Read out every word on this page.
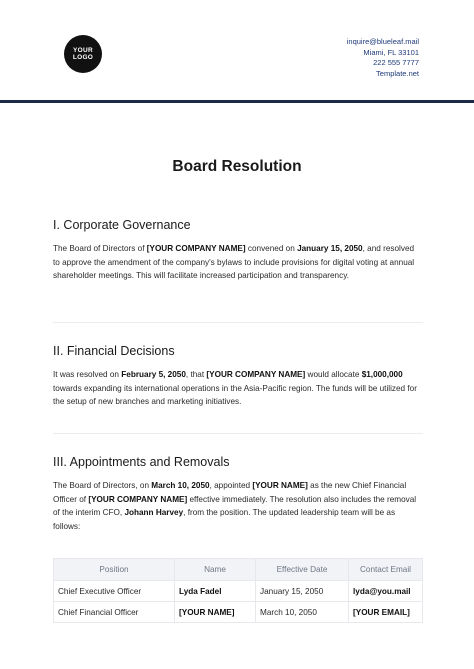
YOUR
LOGO
inquire@blueleaf.mail
Miami, FL 33101
222 555 7777
Template.net
Board Resolution
I. Corporate Governance

The Board of Directors of [YOUR COMPANY NAME] convened on January 15, 2050, and resolved to approve the amendment of the company's bylaws to include provisions for digital voting at annual shareholder meetings. This will facilitate increased participation and transparency.

II. Financial Decisions

It was resolved on February 5, 2050, that [YOUR COMPANY NAME] would allocate $1,000,000 towards expanding its international operations in the Asia-Pacific region. The funds will be utilized for the setup of new branches and marketing initiatives.

III. Appointments and Removals

The Board of Directors, on March 10, 2050, appointed [YOUR NAME] as the new Chief Financial Officer of [YOUR COMPANY NAME] effective immediately. The resolution also includes the removal of the interim CFO, Johann Harvey, from the position. The updated leadership team will be as follows:

Position	Name	Effective Date	Contact Email
Chief Executive Officer	Lyda Fadel	January 15, 2050	lyda@you.mail
Chief Financial Officer	[YOUR NAME]	March 10, 2050	[YOUR EMAIL]
